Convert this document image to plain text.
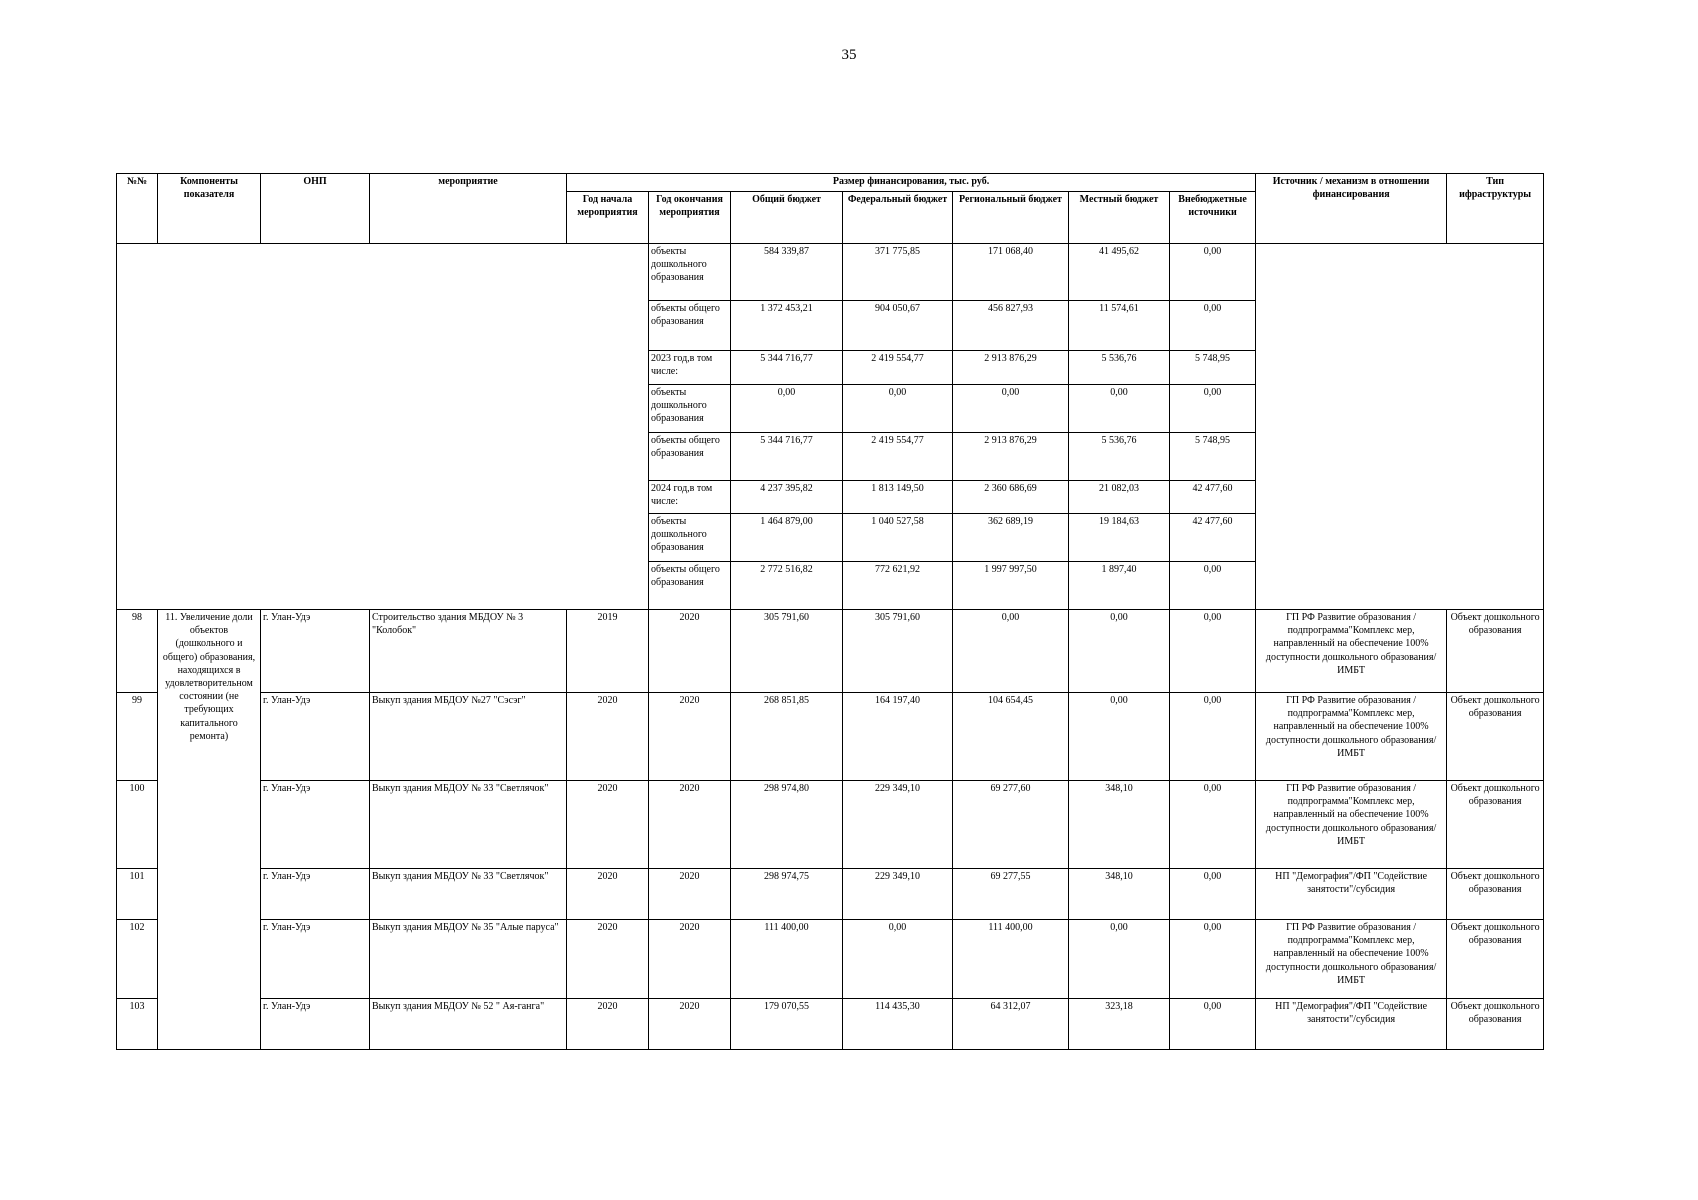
35
№№	Компоненты показателя	ОНП	мероприятие	Размер финансирования, тыс. руб.							Источник / механизм в отношении финансирования	Тип ифраструктуры
				Год начала мероприятия	Год окончания мероприятия	Общий бюджет	Федеральный бюджет	Региональный бюджет	Местный бюджет	Внебюджетные источники		
					объекты дошкольного образования	584 339,87	371 775,85	171 068,40	41 495,62	0,00		
					объекты общего образования	1 372 453,21	904 050,67	456 827,93	11 574,61	0,00		
					2023 год,в том числе:	5 344 716,77	2 419 554,77	2 913 876,29	5 536,76	5 748,95		
					объекты дошкольного образования	0,00	0,00	0,00	0,00	0,00		
					объекты общего образования	5 344 716,77	2 419 554,77	2 913 876,29	5 536,76	5 748,95		
					2024 год,в том числе:	4 237 395,82	1 813 149,50	2 360 686,69	21 082,03	42 477,60		
					объекты дошкольного образования	1 464 879,00	1 040 527,58	362 689,19	19 184,63	42 477,60		
					объекты общего образования	2 772 516,82	772 621,92	1 997 997,50	1 897,40	0,00		
98	11. Увеличение доли объектов (дошкольного и общего) образования, находящихся в удовлетворительном состоянии (не требующих капитального ремонта)	г. Улан-Удэ	Строительство здания МБДОУ № 3 "Колобок"	2019	2020	305 791,60	305 791,60	0,00	0,00	0,00	ГП РФ Развитие образования /подпрограмма"Комплекс мер, направленный на обеспечение 100% доступности дошкольного образования/ИМБТ	Объект дошкольного образования
99		г. Улан-Удэ	Выкуп здания МБДОУ №27 "Сэсэг"	2020	2020	268 851,85	164 197,40	104 654,45	0,00	0,00	ГП РФ Развитие образования /подпрограмма"Комплекс мер, направленный на обеспечение 100% доступности дошкольного образования/ИМБТ	Объект дошкольного образования
100		г. Улан-Удэ	Выкуп здания МБДОУ № 33 "Светлячок"	2020	2020	298 974,80	229 349,10	69 277,60	348,10	0,00	ГП РФ Развитие образования /подпрограмма"Комплекс мер, направленный на обеспечение 100% доступности дошкольного образования/ИМБТ	Объект дошкольного образования
101		г. Улан-Удэ	Выкуп здания МБДОУ № 33 "Светлячок"	2020	2020	298 974,75	229 349,10	69 277,55	348,10	0,00	НП "Демография"/ФП "Содействие занятости"/субсидия	Объект дошкольного образования
102		г. Улан-Удэ	Выкуп здания МБДОУ № 35 "Алые паруса"	2020	2020	111 400,00	0,00	111 400,00	0,00	0,00	ГП РФ Развитие образования /подпрограмма"Комплекс мер, направленный на обеспечение 100% доступности дошкольного образования/ИМБТ	Объект дошкольного образования
103		г. Улан-Удэ	Выкуп здания МБДОУ № 52 " Ая-ганга"	2020	2020	179 070,55	114 435,30	64 312,07	323,18	0,00	НП "Демография"/ФП "Содействие занятости"/субсидия	Объект дошкольного образования
